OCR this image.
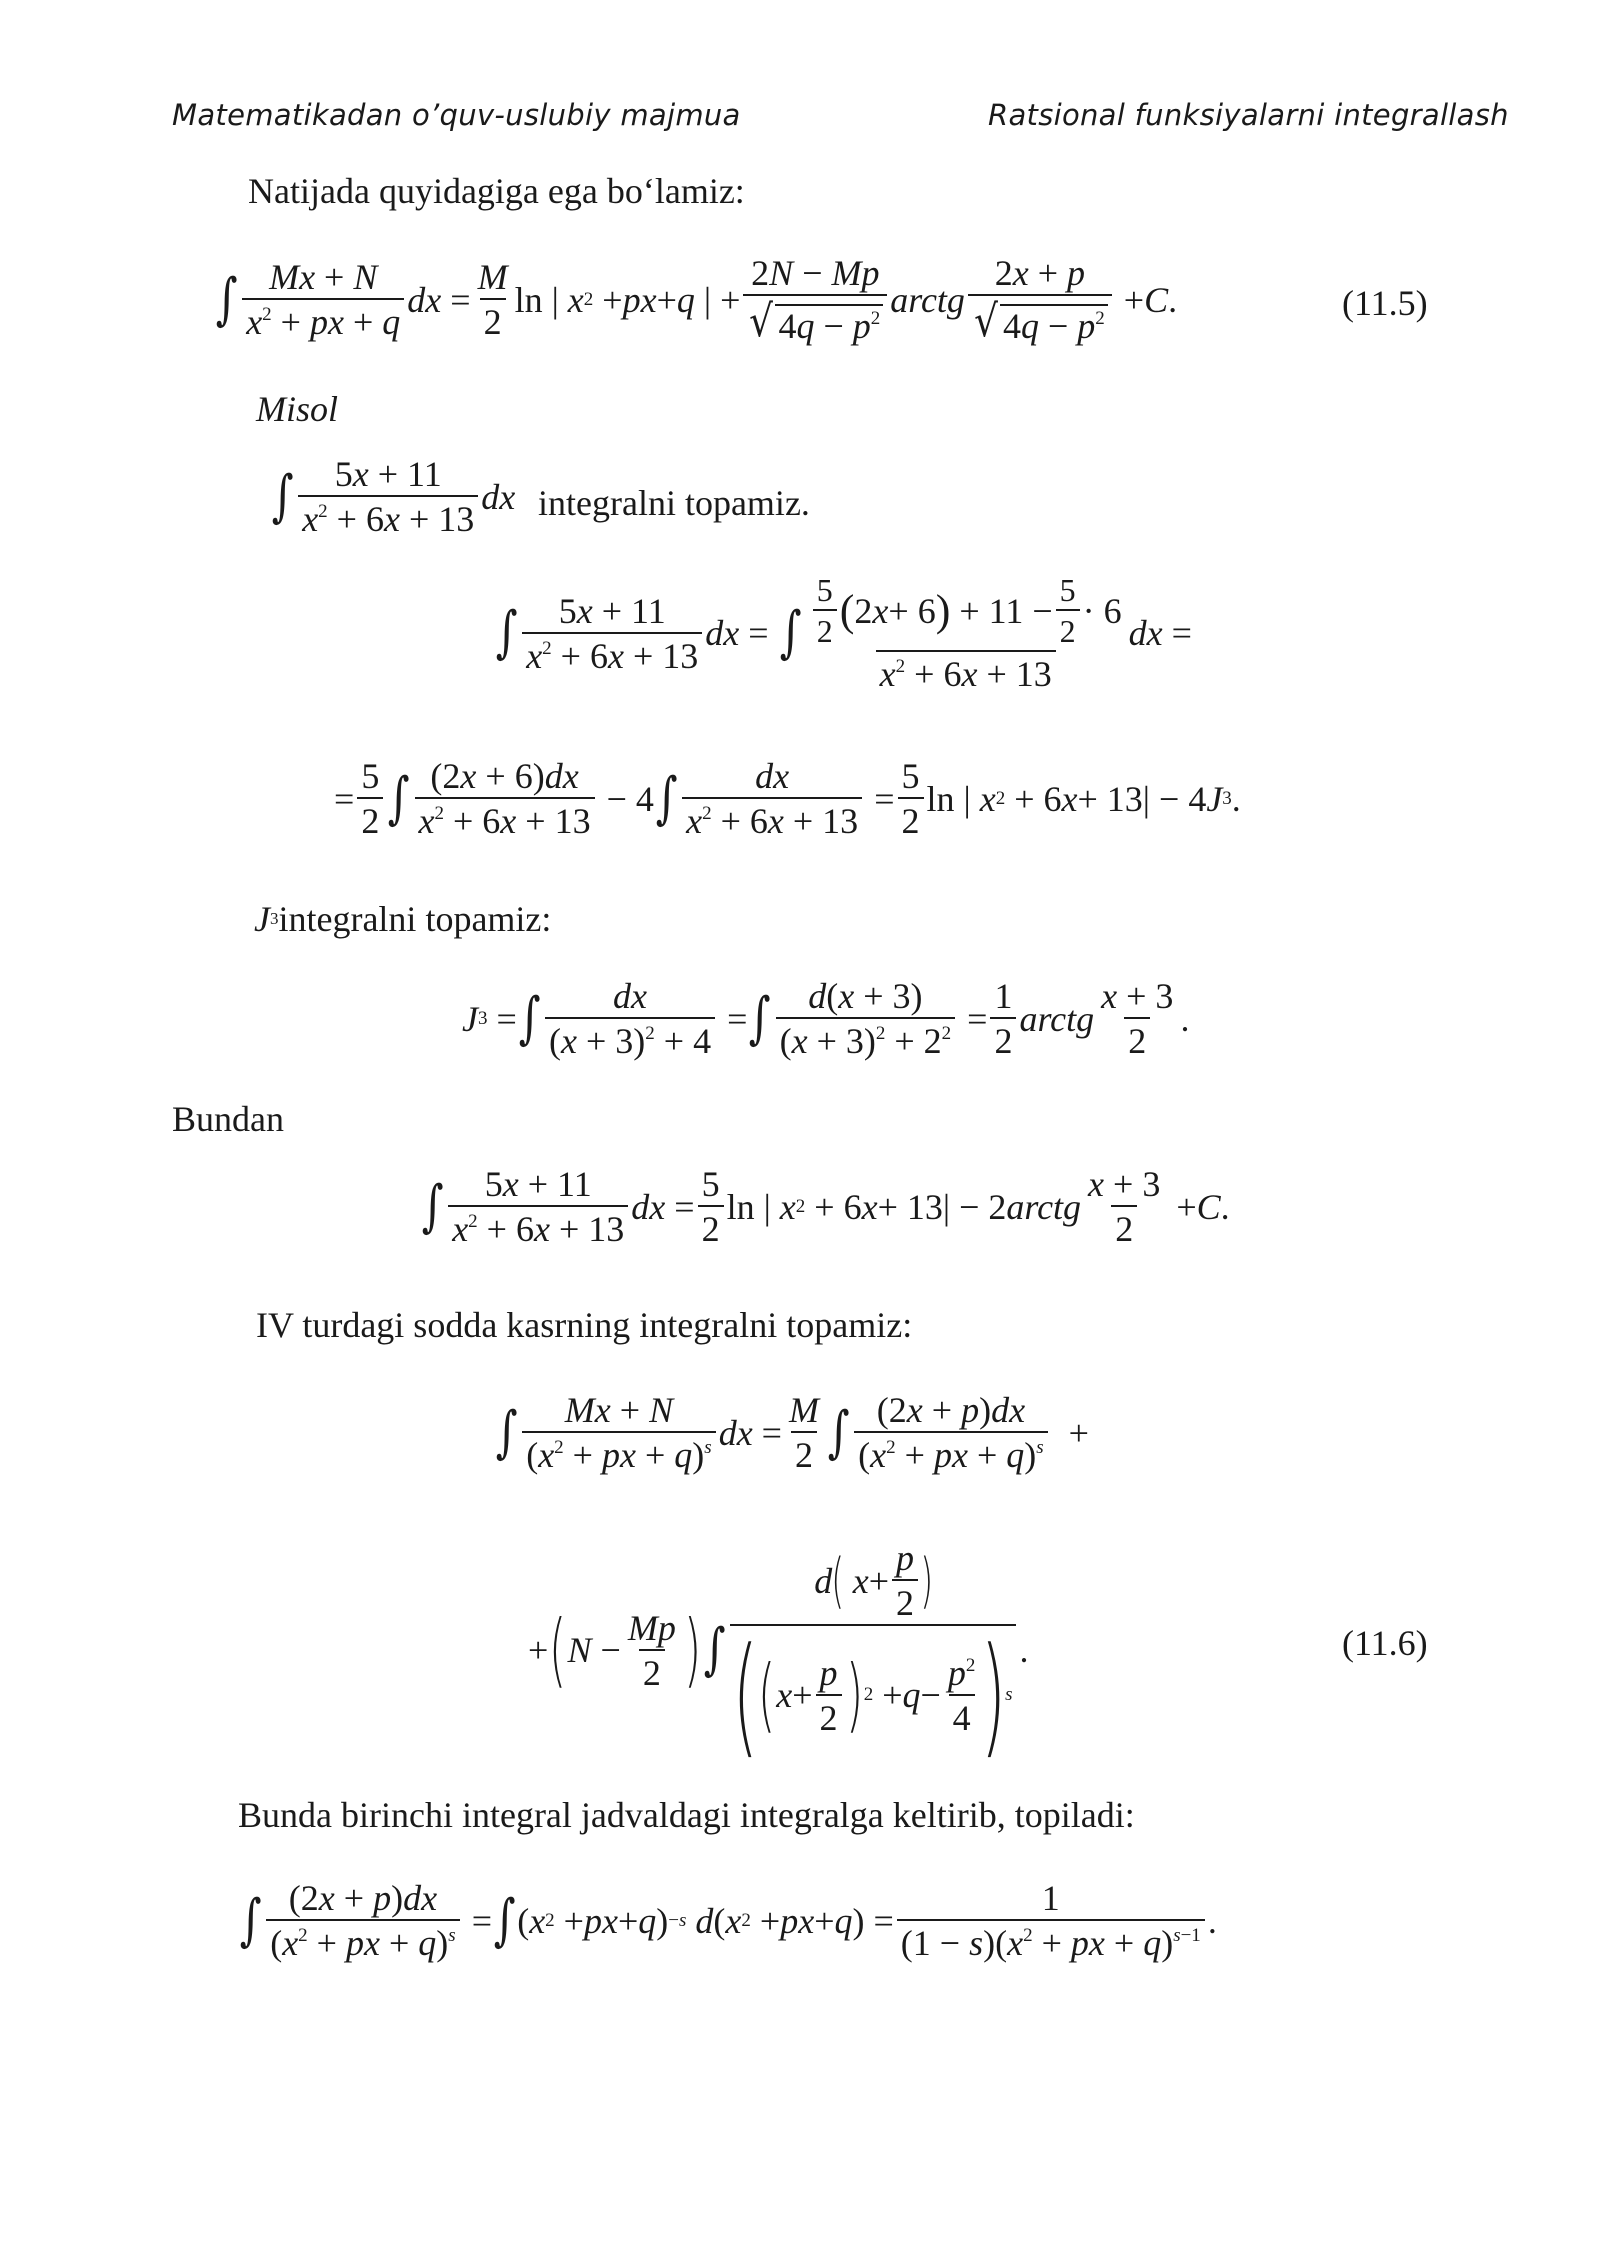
Matematikadan o’quv-uslubiy majmua	Ratsional funksiyalarni integrallash
Natijada quyidagiga ega bo‘lamiz:
∫ $\frac{Mx + N}{x^2 + px + q}$ dx = $\frac{M}{2}$ ln | x 2 + px + q | + $\frac{2N - Mp}{√ 4q - p^2}$ arctg $\frac{2x + p}{√ 4q - p^2} + C$ .	(11.5)
Misol
∫ $\frac{5x + 11}{x^2 + 6x + 13}$ dx integralni topamiz.
∫ $\frac{5x + 11}{x^2 + 6x + 13}$ dx = ∫ $\frac{\frac{5}{2} ( 2 x + 6 ) + 11 - \frac{5}{2} \cdot 6}{x^2 + 6x + 13}$ dx =
= $\frac{5}{2}$ ∫ $\frac{(2x + 6)dx}{x^2 + 6x + 13} - 4$ ∫ $\frac{dx}{x^2 + 6x + 13} = \frac{5}{2}$ ln | x 2 + 6 x + 13| − 4 J 3 .
J 3 integralni topamiz:
J 3 = ∫ $\frac{dx}{(x + 3)^2 + 4}$ = ∫ $\frac{d(x + 3)}{(x + 3)^2 + 2^2} = \frac{1}{2}$ arctg $\frac{x + 3}{2}$ .
Bundan
∫ $\frac{5x + 11}{x^2 + 6x + 13}$ dx = $\frac{5}{2}$ ln | x 2 + 6 x + 13| − 2 arctg $\frac{x + 3}{2} + C$ .
IV turdagi sodda kasrning integralni topamiz:
∫ $\frac{Mx + N}{(x^2 + px + q)^s}$ dx = $\frac{M}{2}$ ∫ $\frac{(2x + p)dx}{(x^2 + px + q)^s}$ +
+ ( $N - \frac{Mp}{2}$ ) ∫
d (
$x + \frac{p}{2}$ )
( ( $x + \frac{p}{2}$ ) $2 + q - \frac{p^2}{4}$ )
s
.	(11.6)
Bunda birinchi integral jadvaldagi integralga keltirib, topiladi:
∫ $\frac{(2x + p)dx}{(x^2 + px + q)^s}$ = ∫ ( x 2 + px + q ) −s
d ( x 2 + px + q ) = $\frac{1}{(1 - s)(x^2 + px + q)^{s-1}}$ .
